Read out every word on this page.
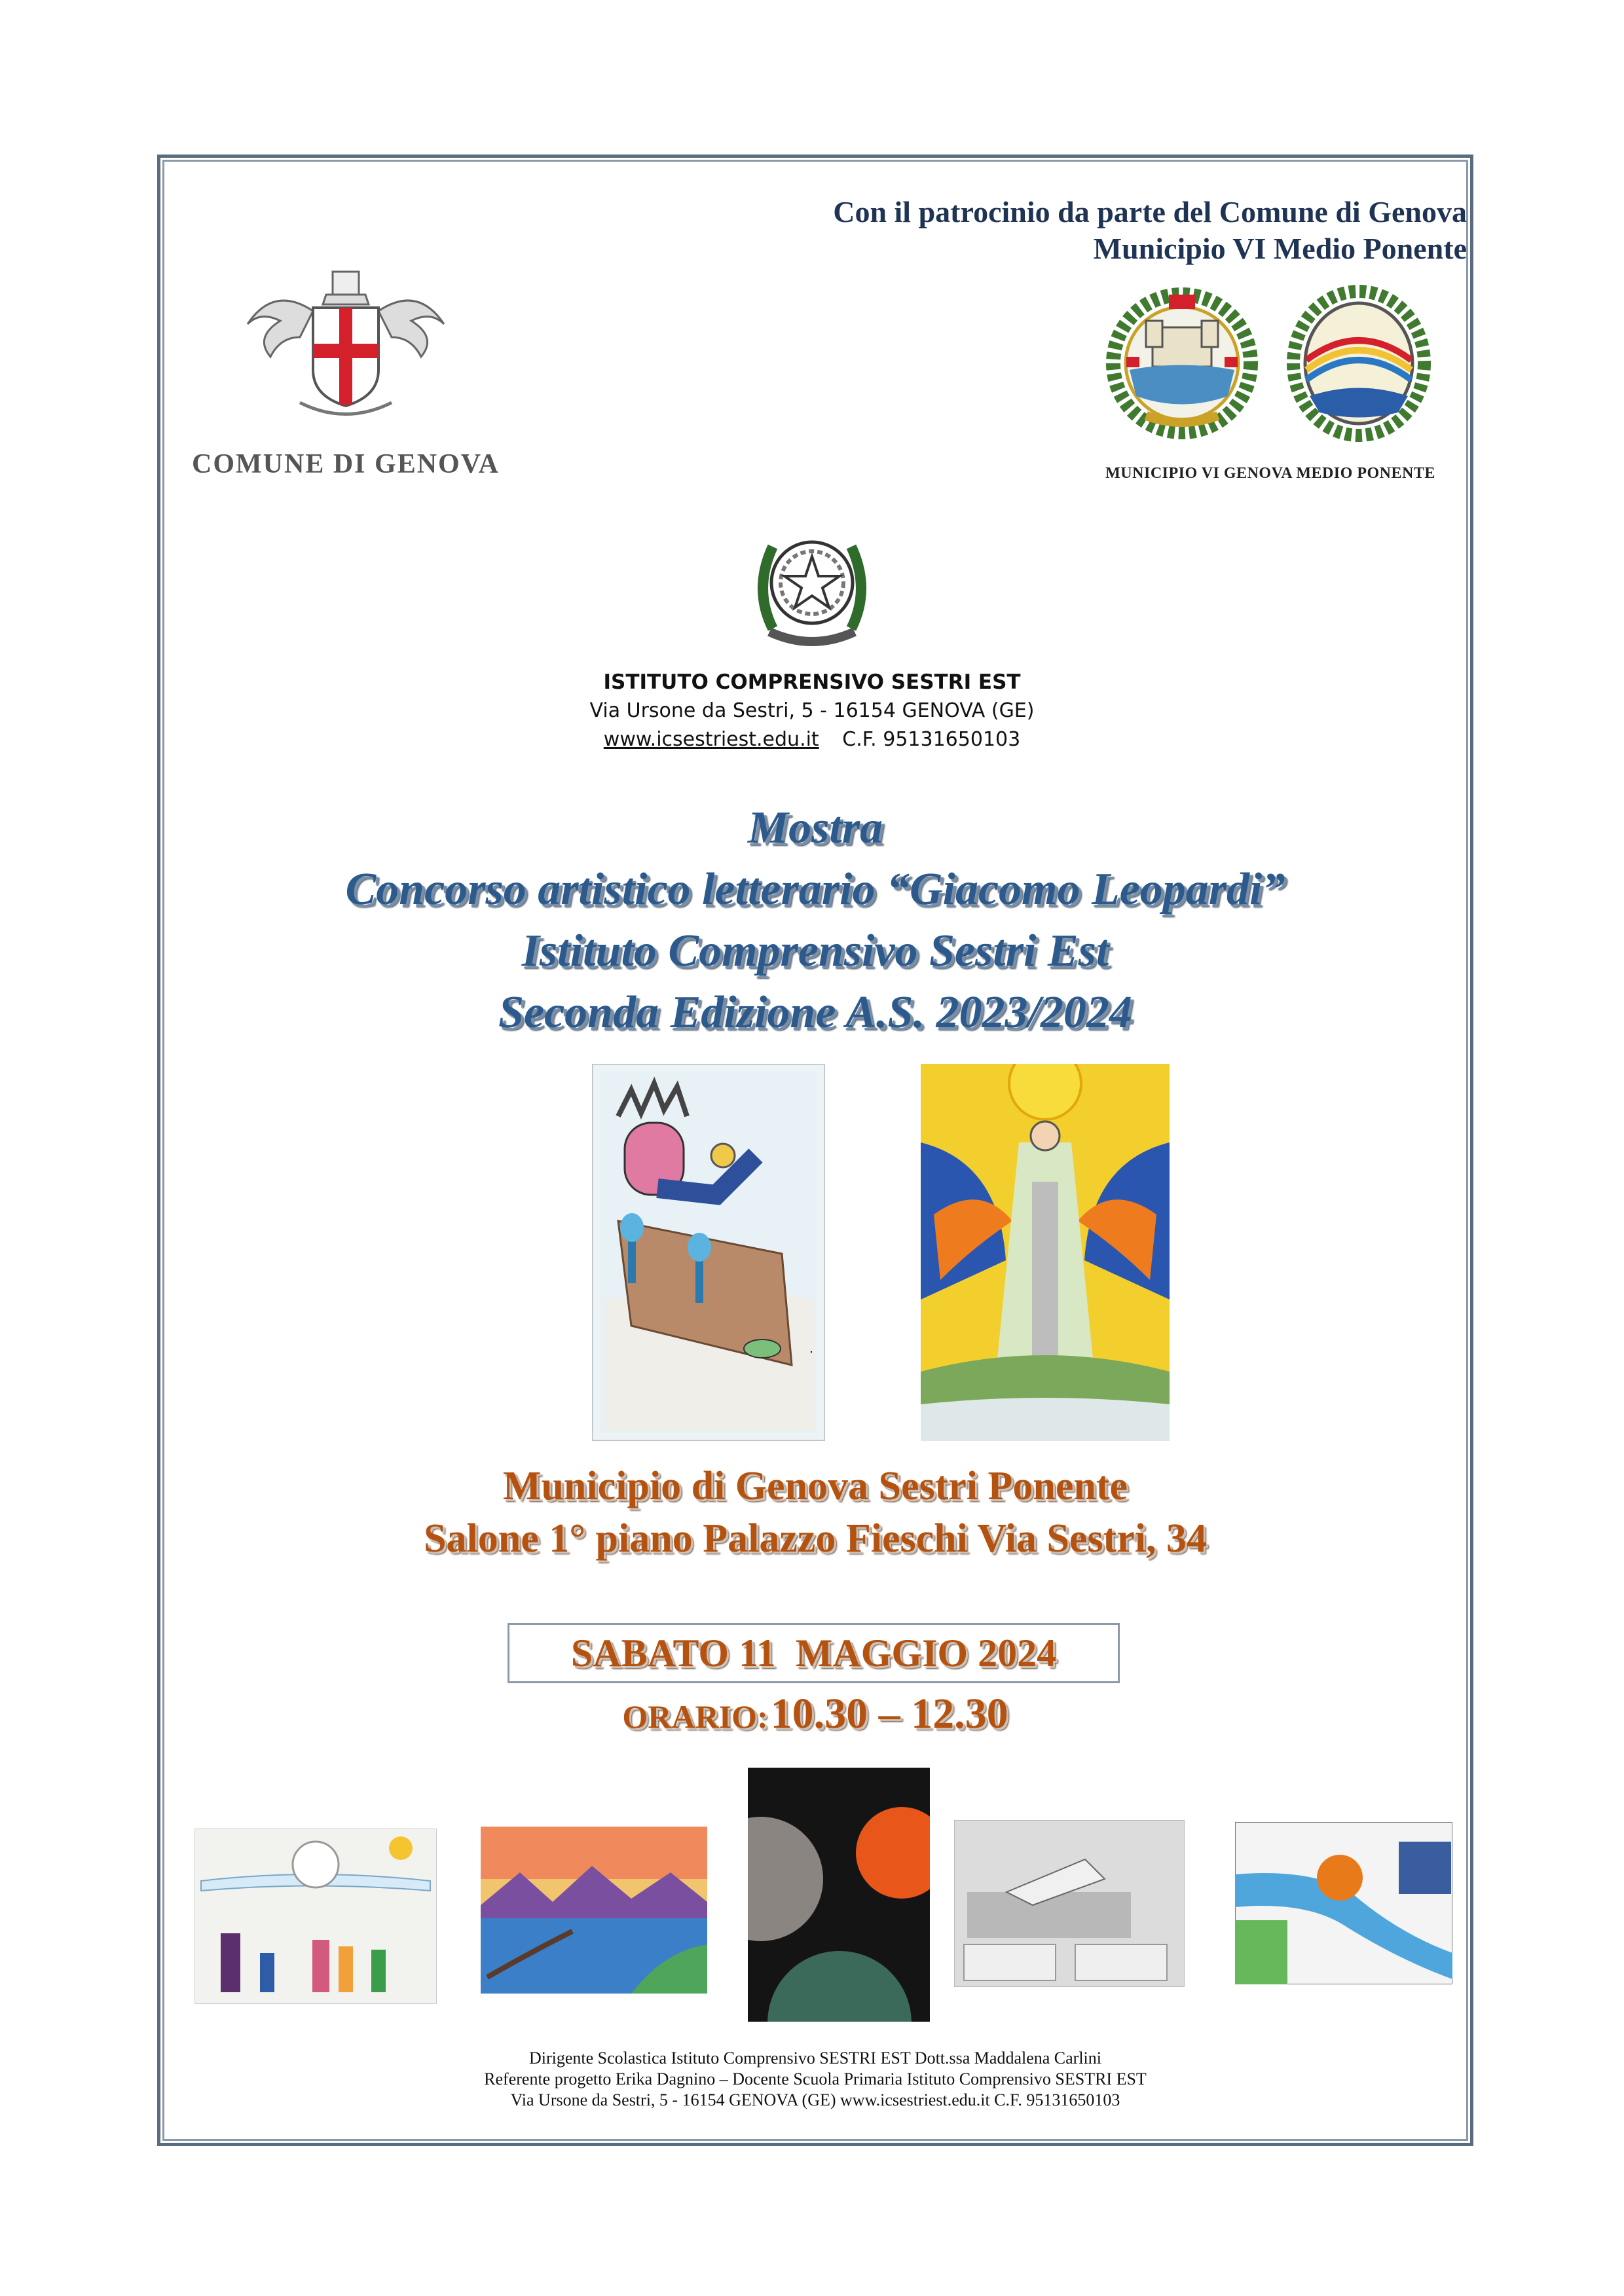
Con il patrocinio da parte del Comune di Genova
Municipio VI Medio Ponente
COMUNE DI GENOVA	MUNICIPIO VI GENOVA MEDIO PONENTE
ISTITUTO COMPRENSIVO SESTRI EST
Via Ursone da Sestri, 5 - 16154 GENOVA (GE)
www.icsestriest.edu.it C.F. 95131650103
Mostra
Concorso artistico letterario “Giacomo Leopardi”
Istituto Comprensivo Sestri Est
Seconda Edizione A.S. 2023/2024
Municipio di Genova Sestri Ponente
Salone 1° piano Palazzo Fieschi Via Sestri, 34
SABATO 11  MAGGIO 2024
ORARIO: 10.30 – 12.30
Dirigente Scolastica Istituto Comprensivo SESTRI EST Dott.ssa Maddalena Carlini
Referente progetto Erika Dagnino – Docente Scuola Primaria Istituto Comprensivo SESTRI EST
Via Ursone da Sestri, 5 - 16154 GENOVA (GE) www.icsestriest.edu.it C.F. 95131650103
